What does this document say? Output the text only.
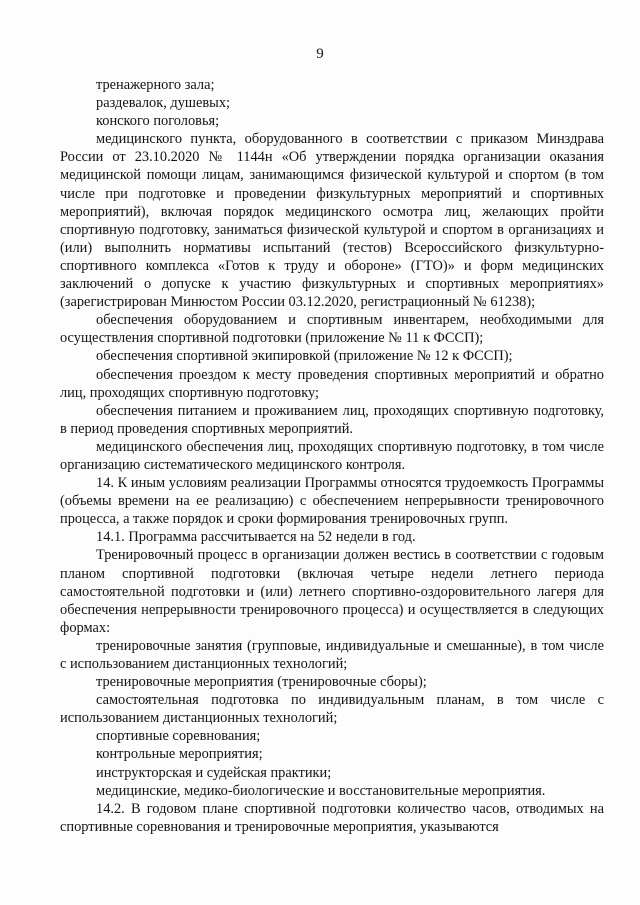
9

тренажерного зала;

раздевалок, душевых;

конского поголовья;

медицинского пункта, оборудованного в соответствии с приказом Минздрава России от 23.10.2020 № 1144н «Об утверждении порядка организации оказания медицинской помощи лицам, занимающимся физической культурой и спортом (в том числе при подготовке и проведении физкультурных мероприятий и спортивных мероприятий), включая порядок медицинского осмотра лиц, желающих пройти спортивную подготовку, заниматься физической культурой и спортом в организациях и (или) выполнить нормативы испытаний (тестов) Всероссийского физкультурно-спортивного комплекса «Готов к труду и обороне» (ГТО)» и форм медицинских заключений о допуске к участию физкультурных и спортивных мероприятиях» (зарегистрирован Минюстом России 03.12.2020, регистрационный № 61238);

обеспечения оборудованием и спортивным инвентарем, необходимыми для осуществления спортивной подготовки (приложение № 11 к ФССП);

обеспечения спортивной экипировкой (приложение № 12 к ФССП);

обеспечения проездом к месту проведения спортивных мероприятий и обратно лиц, проходящих спортивную подготовку;

обеспечения питанием и проживанием лиц, проходящих спортивную подготовку, в период проведения спортивных мероприятий.

медицинского обеспечения лиц, проходящих спортивную подготовку, в том числе организацию систематического медицинского контроля.

14. К иным условиям реализации Программы относятся трудоемкость Программы (объемы времени на ее реализацию) с обеспечением непрерывности тренировочного процесса, а также порядок и сроки формирования тренировочных групп.

14.1. Программа рассчитывается на 52 недели в год.

Тренировочный процесс в организации должен вестись в соответствии с годовым планом спортивной подготовки (включая четыре недели летнего периода самостоятельной подготовки и (или) летнего спортивно-оздоровительного лагеря для обеспечения непрерывности тренировочного процесса) и осуществляется в следующих формах:

тренировочные занятия (групповые, индивидуальные и смешанные), в том числе с использованием дистанционных технологий;

тренировочные мероприятия (тренировочные сборы);

самостоятельная подготовка по индивидуальным планам, в том числе с использованием дистанционных технологий;

спортивные соревнования;

контрольные мероприятия;

инструкторская и судейская практики;

медицинские, медико-биологические и восстановительные мероприятия.

14.2. В годовом плане спортивной подготовки количество часов, отводимых на спортивные соревнования и тренировочные мероприятия, указываются
